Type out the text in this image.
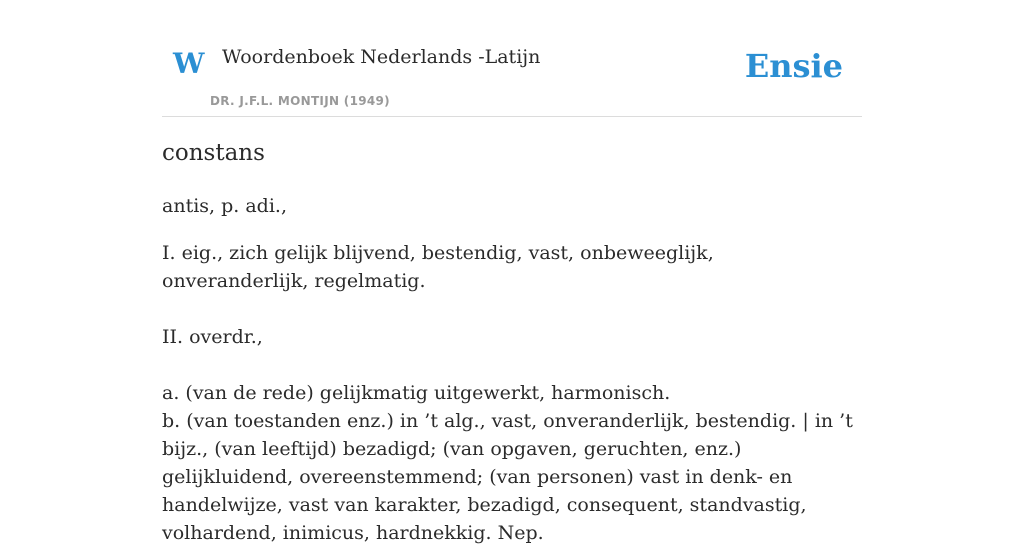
W Woordenboek Nederlands -Latijn
DR. J.F.L. MONTIJN (1949)
Ensie
constans

antis, p. adi.,

I. eig., zich gelijk blijvend, bestendig, vast, onbeweeglijk, onveranderlijk, regelmatig.

II. overdr.,

a. (van de rede) gelijkmatig uitgewerkt, harmonisch.

b. (van toestanden enz.) in ’t alg., vast, onveranderlijk, bestendig. | in ’t bijz., (van leeftijd) bezadigd; (van opgaven, geruchten, enz.) gelijkluidend, overeenstemmend; (van personen) vast in denk- en handelwijze, vast van karakter, bezadigd, consequent, standvastig, volhardend, inimicus, hardnekkig. Nep.
